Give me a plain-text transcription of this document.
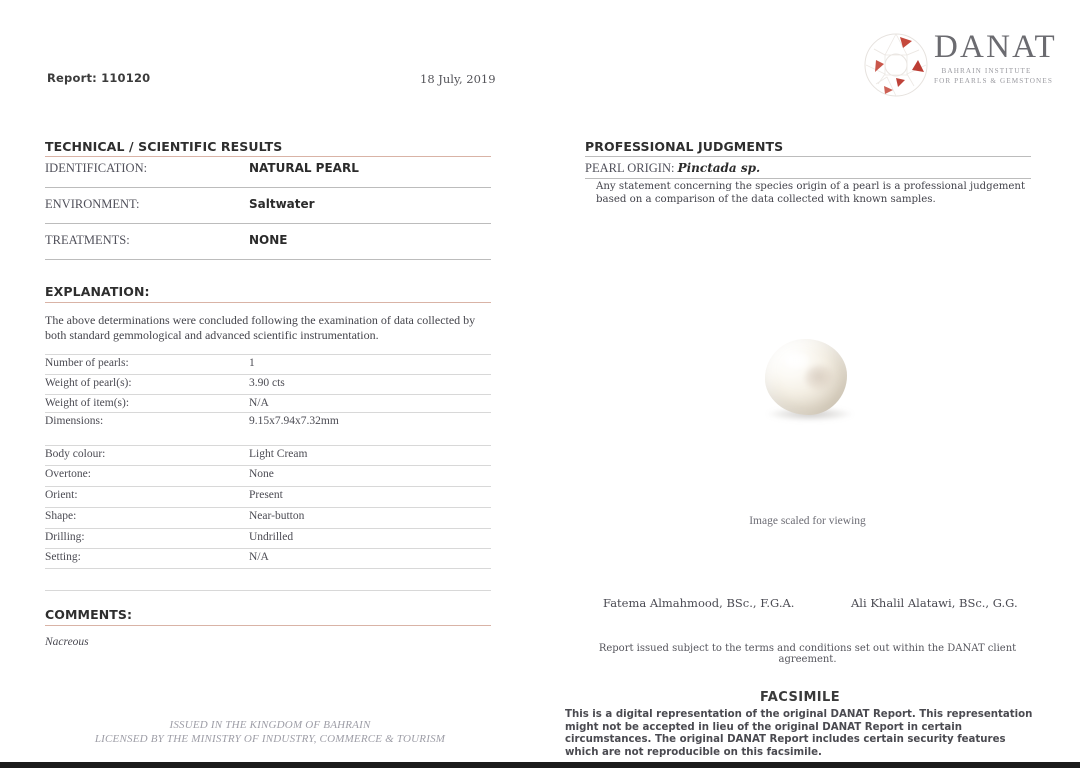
Report: 110120	18 July, 2019
DANAT
BAHRAIN INSTITUTE
FOR PEARLS & GEMSTONES
TECHNICAL / SCIENTIFIC RESULTS
IDENTIFICATION:	NATURAL PEARL
ENVIRONMENT:	Saltwater
TREATMENTS:	NONE
EXPLANATION:
The above determinations were concluded following the examination of data collected by both standard gemmological and advanced scientific instrumentation.
Number of pearls:	1
Weight of pearl(s):	3.90 cts
Weight of item(s):	N/A
Dimensions:	9.15x7.94x7.32mm
Body colour:	Light Cream
Overtone:	None
Orient:	Present
Shape:	Near-button
Drilling:	Undrilled
Setting:	N/A
COMMENTS:
Nacreous
PROFESSIONAL JUDGMENTS
PEARL ORIGIN: Pinctada sp.
Any statement concerning the species origin of a pearl is a professional judgement based on a comparison of the data collected with known samples.
Image scaled for viewing
Fatema Almahmood, BSc., F.G.A.	Ali Khalil Alatawi, BSc., G.G.
Report issued subject to the terms and conditions set out within the DANAT client agreement.
ISSUED IN THE KINGDOM OF BAHRAIN
LICENSED BY THE MINISTRY OF INDUSTRY, COMMERCE & TOURISM
FACSIMILE
This is a digital representation of the original DANAT Report. This representation might not be accepted in lieu of the original DANAT Report in certain circumstances. The original DANAT Report includes certain security features which are not reproducible on this facsimile.
